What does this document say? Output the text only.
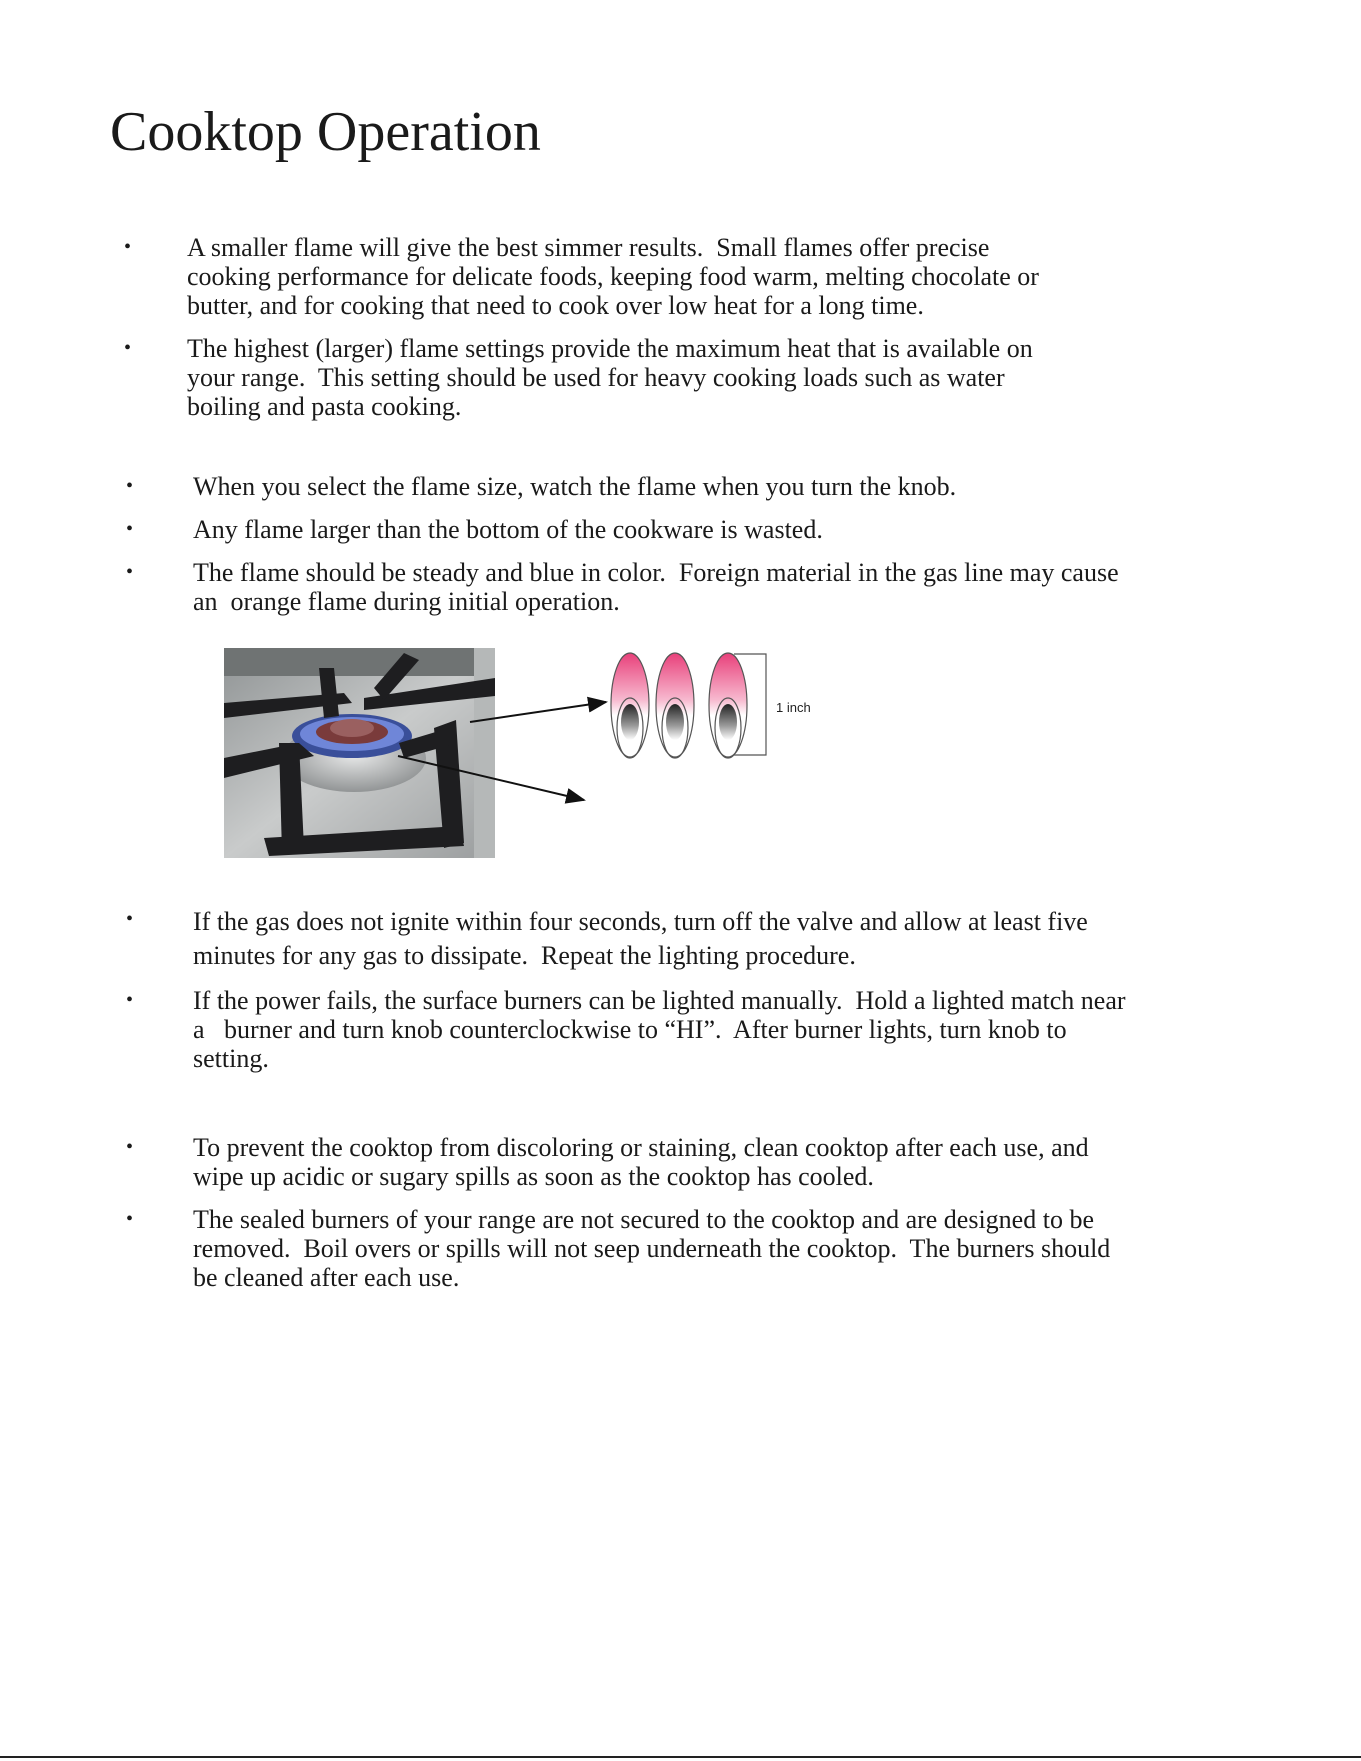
Cooktop Operation
• A smaller flame will give the best simmer results.  Small flames offer precise
cooking performance for delicate foods, keeping food warm, melting chocolate or
butter, and for cooking that need to cook over low heat for a long time.
• The highest (larger) flame settings provide the maximum heat that is available on
your range.  This setting should be used for heavy cooking loads such as water
boiling and pasta cooking.
• When you select the flame size, watch the flame when you turn the knob.
• Any flame larger than the bottom of the cookware is wasted.
• The flame should be steady and blue in color.  Foreign material in the gas line may cause
an  orange flame during initial operation.
1 inch
• If the gas does not ignite within four seconds, turn off the valve and allow at least five
minutes for any gas to dissipate.  Repeat the lighting procedure.
• If the power fails, the surface burners can be lighted manually.  Hold a lighted match near
a   burner and turn knob counterclockwise to “HI”.  After burner lights, turn knob to
setting.
• To prevent the cooktop from discoloring or staining, clean cooktop after each use, and
wipe up acidic or sugary spills as soon as the cooktop has cooled.
• The sealed burners of your range are not secured to the cooktop and are designed to be
removed.  Boil overs or spills will not seep underneath the cooktop.  The burners should
be cleaned after each use.
